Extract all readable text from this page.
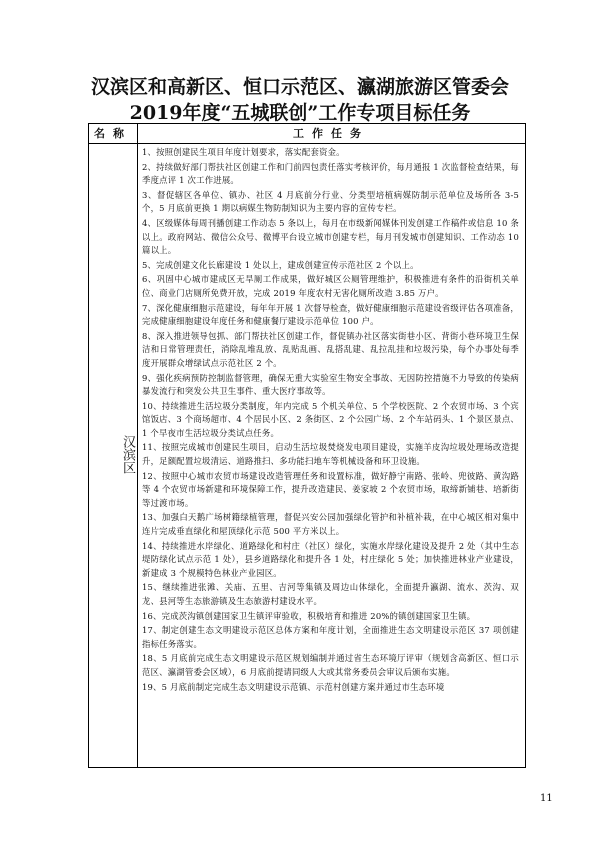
汉滨区和高新区、恒口示范区、瀛湖旅游区管委会
2019年度“五城联创”工作专项目标任务
名称	工作任务
汉滨区
1、按照创建民生项目年度计划要求，落实配套资金。
2、持续做好部门帮扶社区创建工作和门前四包责任落实考核评价，每月通报 1 次监督检查结果，每季度点评 1 次工作进展。
3、督促辖区各单位、镇办、社区 4 月底前分行业、分类型培植病媒防制示范单位及场所各 3-5 个，5 月底前更换 1 期以病媒生物防制知识为主要内容的宣传专栏。
4、区级媒体每周刊播创建工作动态 5 条以上，每月在市级新闻媒体刊发创建工作稿件或信息 10 条以上。政府网站、微信公众号、微博平台设立城市创建专栏，每月刊发城市创建知识、工作动态 10 篇以上。
5、完成创建文化长廊建设 1 处以上，建成创建宣传示范社区 2 个以上。
6、巩固中心城市建成区无旱厕工作成果，做好城区公厕管理维护，积极推进有条件的沿街机关单位、商业门店厕所免费开放，完成 2019 年度农村无害化厕所改造 3.85 万户。
7、深化健康细胞示范建设，每年年开展 1 次督导检查，做好健康细胞示范建设省级评估各项准备，完成健康细胞建设年度任务和健康餐厅建设示范单位 100 户。
8、深入推进领导包抓、部门帮扶社区创建工作，督促镇办社区落实街巷小区、背街小巷环境卫生保洁和日常管理责任，消除乱堆乱放、乱贴乱画、乱搭乱建、乱拉乱挂和垃圾污染，每个办事处每季度开展群众增绿试点示范社区 2 个。
9、强化疾病预防控制监督管理，确保无重大实验室生物安全事故、无因防控措施不力导致的传染病暴发流行和突发公共卫生事件、重大医疗事故等。
10、持续推进生活垃圾分类制度，年内完成 5 个机关单位、5 个学校医院、2 个农贸市场、3 个宾馆饭店、3 个商场超市、4 个居民小区、2 条街区、2 个公园广场、2 个车站码头、1 个景区景点、1 个早夜市生活垃圾分类试点任务。
11、按照完成城市创建民生项目，启动生活垃圾焚烧发电项目建设，实施羊皮沟垃圾处理场改造提升，足额配置垃圾清运、道路推扫、多功能扫地车等机械设备和环卫设施。
12、按照中心城市农贸市场建设改造管理任务和设置标准，做好静宁南路、张岭、兜彼路、黄沟路等 4 个农贸市场新建和环境保障工作，提升改造建民、姜家坡 2 个农贸市场，取缔新铺巷、培新街等过渡市场。
13、加强白天鹅广场树籍绿植管理，督促兴安公园加强绿化管护和补植补栽，在中心城区相对集中连片完成垂直绿化和屋顶绿化示范 500 平方米以上。
14、持续推进水岸绿化、道路绿化和村庄（社区）绿化，实施水岸绿化建设及提升 2 处（其中生态堤防绿化试点示范 1 处），县乡道路绿化和提升各 1 处，村庄绿化 5 处；加快推进林业产业建设，新建成 3 个规模特色林业产业园区。
15、继续推进张滩、关庙、五里、吉河等集镇及周边山体绿化，全面提升瀛湖、流水、茨沟、双龙、县河等生态旅游镇及生态旅游村建设水平。
16、完成茨沟镇创建国家卫生镇评审验收，积极培育和推进 20%的镇创建国家卫生镇。
17、制定创建生态文明建设示范区总体方案和年度计划，全面推进生态文明建设示范区 37 项创建指标任务落实。
18、5 月底前完成生态文明建设示范区规划编制并通过省生态环境厅评审（规划含高新区、恒口示范区、瀛湖管委会区域），6 月底前提请同级人大或其常务委员会审议后颁布实施。
19、5 月底前制定完成生态文明建设示范镇、示范村创建方案并通过市生态环境
11
